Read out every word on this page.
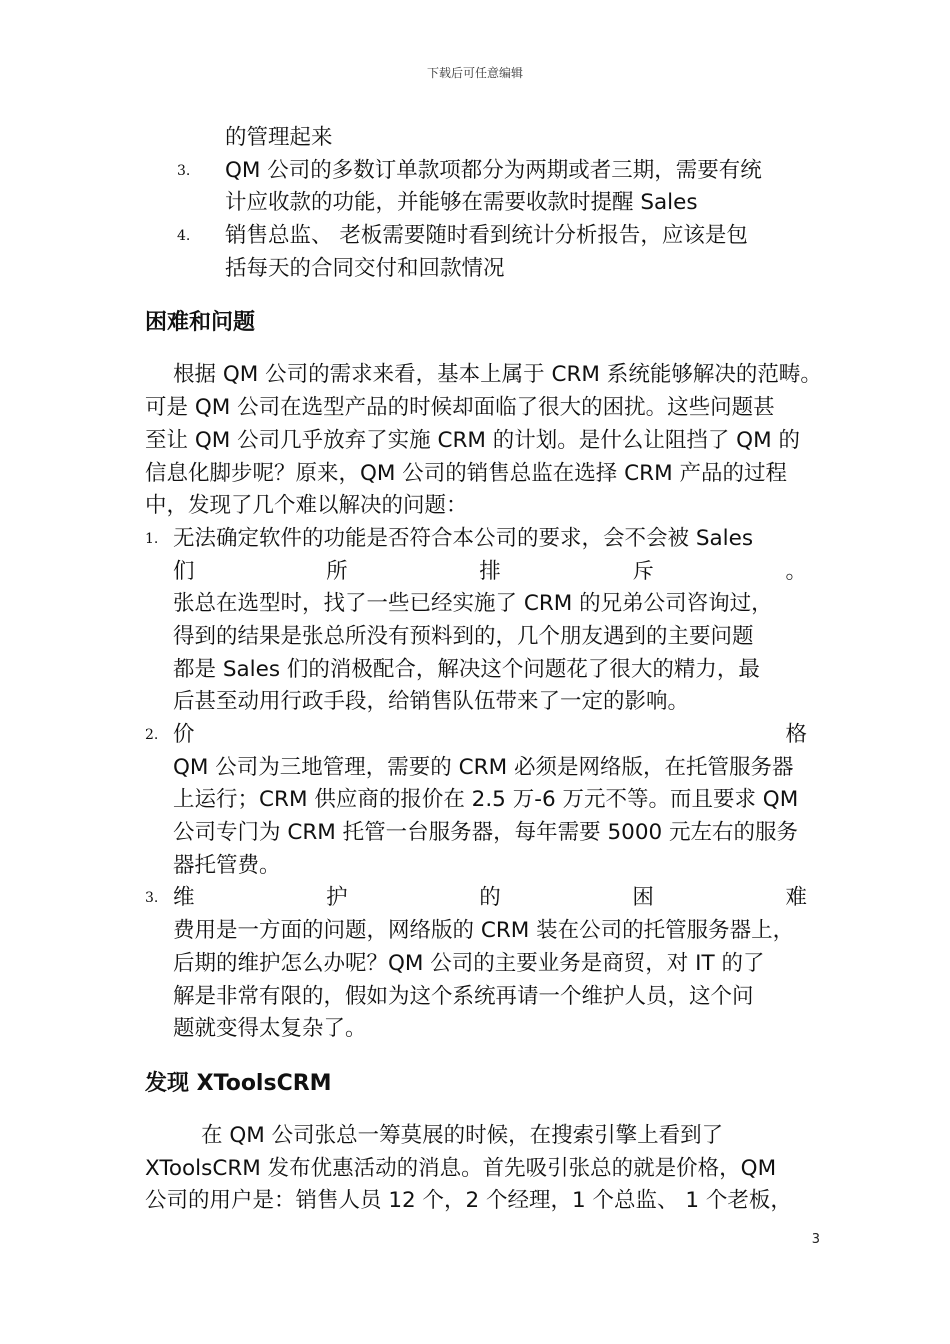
下载后可任意编辑
的管理起来
3. QM 公司的多数订单款项都分为两期或者三期，需要有统
计应收款的功能，并能够在需要收款时提醒 Sales
4. 销售总监、 老板需要随时看到统计分析报告，应该是包
括每天的合同交付和回款情况
困难和问题
根据 QM 公司的需求来看，基本上属于 CRM 系统能够解决的范畴。
可是 QM 公司在选型产品的时候却面临了很大的困扰。这些问题甚
至让 QM 公司几乎放弃了实施 CRM 的计划。是什么让阻挡了 QM 的
信息化脚步呢？原来，QM 公司的销售总监在选择 CRM 产品的过程
中，发现了几个难以解决的问题：
1. 无法确定软件的功能是否符合本公司的要求，会不会被 Sales
们	所	排	斥	。
张总在选型时，找了一些已经实施了 CRM 的兄弟公司咨询过，
得到的结果是张总所没有预料到的，几个朋友遇到的主要问题
都是 Sales 们的消极配合，解决这个问题花了很大的精力，最
后甚至动用行政手段，给销售队伍带来了一定的影响。
2. 价	格
QM 公司为三地管理，需要的 CRM 必须是网络版，在托管服务器
上运行；CRM 供应商的报价在 2.5 万-6 万元不等。而且要求 QM
公司专门为 CRM 托管一台服务器，每年需要 5000 元左右的服务
器托管费。
3. 维	护	的	困	难
费用是一方面的问题，网络版的 CRM 装在公司的托管服务器上，
后期的维护怎么办呢？QM 公司的主要业务是商贸，对 IT 的了
解是非常有限的，假如为这个系统再请一个维护人员，这个问
题就变得太复杂了。
发现 XToolsCRM
在 QM 公司张总一筹莫展的时候，在搜索引擎上看到了
XToolsCRM 发布优惠活动的消息。首先吸引张总的就是价格，QM
公司的用户是：销售人员 12 个，2 个经理，1 个总监、 1 个老板，
3
